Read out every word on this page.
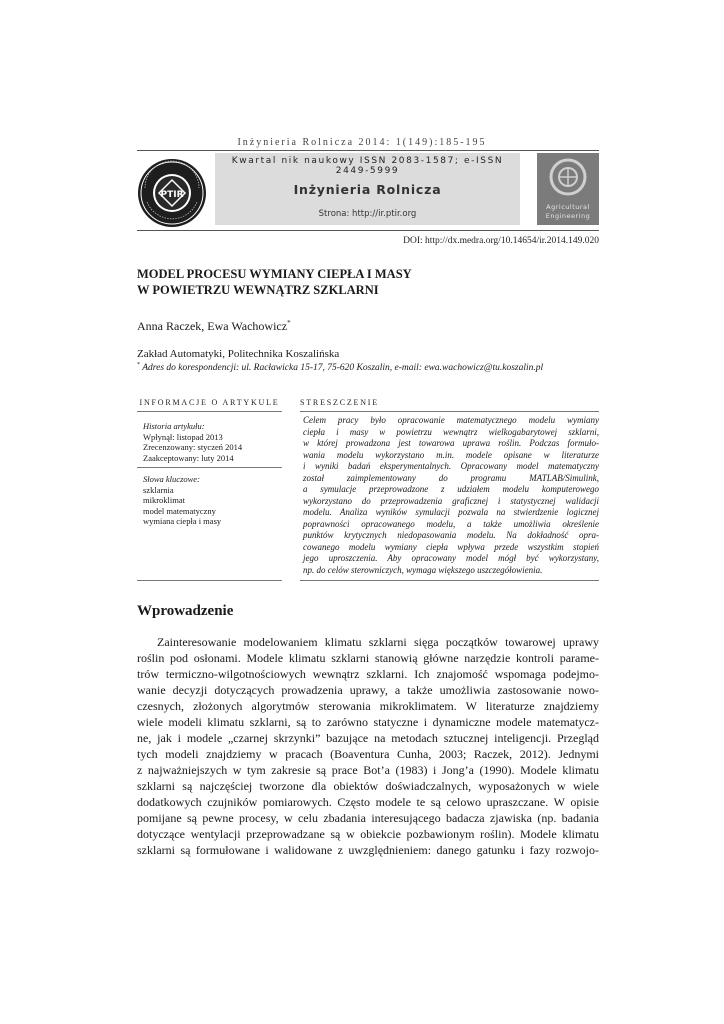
Inżynieria Rolnicza 2014: 1(149):185-195
PTIR
Kwartal nik naukowy ISSN 2083-1587; e-ISSN 2449-5999
Inżynieria Rolnicza
Strona: http://ir.ptir.org
Agricultural
Engineering
DOI: http://dx.medra.org/10.14654/ir.2014.149.020
MODEL PROCESU WYMIANY CIEPŁA I MASY
W POWIETRZU WEWNĄTRZ SZKLARNI
Anna Raczek, Ewa Wachowicz*
Zakład Automatyki, Politechnika Koszalińska
* Adres do korespondencji: ul. Racławicka 15-17, 75-620 Koszalin, e-mail: ewa.wachowicz@tu.koszalin.pl
INFORMACJE O ARTYKULE	STRESZCZENIE
Historia artykułu:
Wpłynął: listopad 2013
Zrecenzowany: styczeń 2014
Zaakceptowany: luty 2014
Słowa kluczowe:
szklarnia
mikroklimat
model matematyczny
wymiana ciepła i masy
Celem pracy było opracowanie matematycznego modelu wymiany
ciepła i masy w powietrzu wewnątrz wielkogabarytowej szklarni,
w której prowadzona jest towarowa uprawa roślin. Podczas formuło-
wania modelu wykorzystano m.in. modele opisane w literaturze
i wyniki badań eksperymentalnych. Opracowany model matematyczny
został zaimplementowany do programu MATLAB/Simulink,
a symulacje przeprowadzone z udziałem modelu komputerowego
wykorzystano do przeprowadzenia graficznej i statystycznej walidacji
modelu. Analiza wyników symulacji pozwala na stwierdzenie logicznej
poprawności opracowanego modelu, a także umożliwia określenie
punktów krytycznych niedopasowania modelu. Na dokładność opra-
cowanego modelu wymiany ciepła wpływa przede wszystkim stopień
jego uproszczenia. Aby opracowany model mógł być wykorzystany,
np. do celów sterowniczych, wymaga większego uszczegółowienia.
Wprowadzenie
Zainteresowanie modelowaniem klimatu szklarni sięga początków towarowej uprawy
roślin pod osłonami. Modele klimatu szklarni stanowią główne narzędzie kontroli parame-
trów termiczno-wilgotnościowych wewnątrz szklarni. Ich znajomość wspomaga podejmo-
wanie decyzji dotyczących prowadzenia uprawy, a także umożliwia zastosowanie nowo-
czesnych, złożonych algorytmów sterowania mikroklimatem. W literaturze znajdziemy
wiele modeli klimatu szklarni, są to zarówno statyczne i dynamiczne modele matematycz-
ne, jak i modele „czarnej skrzynki” bazujące na metodach sztucznej inteligencji. Przegląd
tych modeli znajdziemy w pracach (Boaventura Cunha, 2003; Raczek, 2012). Jednymi
z najważniejszych w tym zakresie są prace Bot’a (1983) i Jong’a (1990). Modele klimatu
szklarni są najczęściej tworzone dla obiektów doświadczalnych, wyposażonych w wiele
dodatkowych czujników pomiarowych. Często modele te są celowo upraszczane. W opisie
pomijane są pewne procesy, w celu zbadania interesującego badacza zjawiska (np. badania
dotyczące wentylacji przeprowadzane są w obiekcie pozbawionym roślin). Modele klimatu
szklarni są formułowane i walidowane z uwzględnieniem: danego gatunku i fazy rozwojo-
